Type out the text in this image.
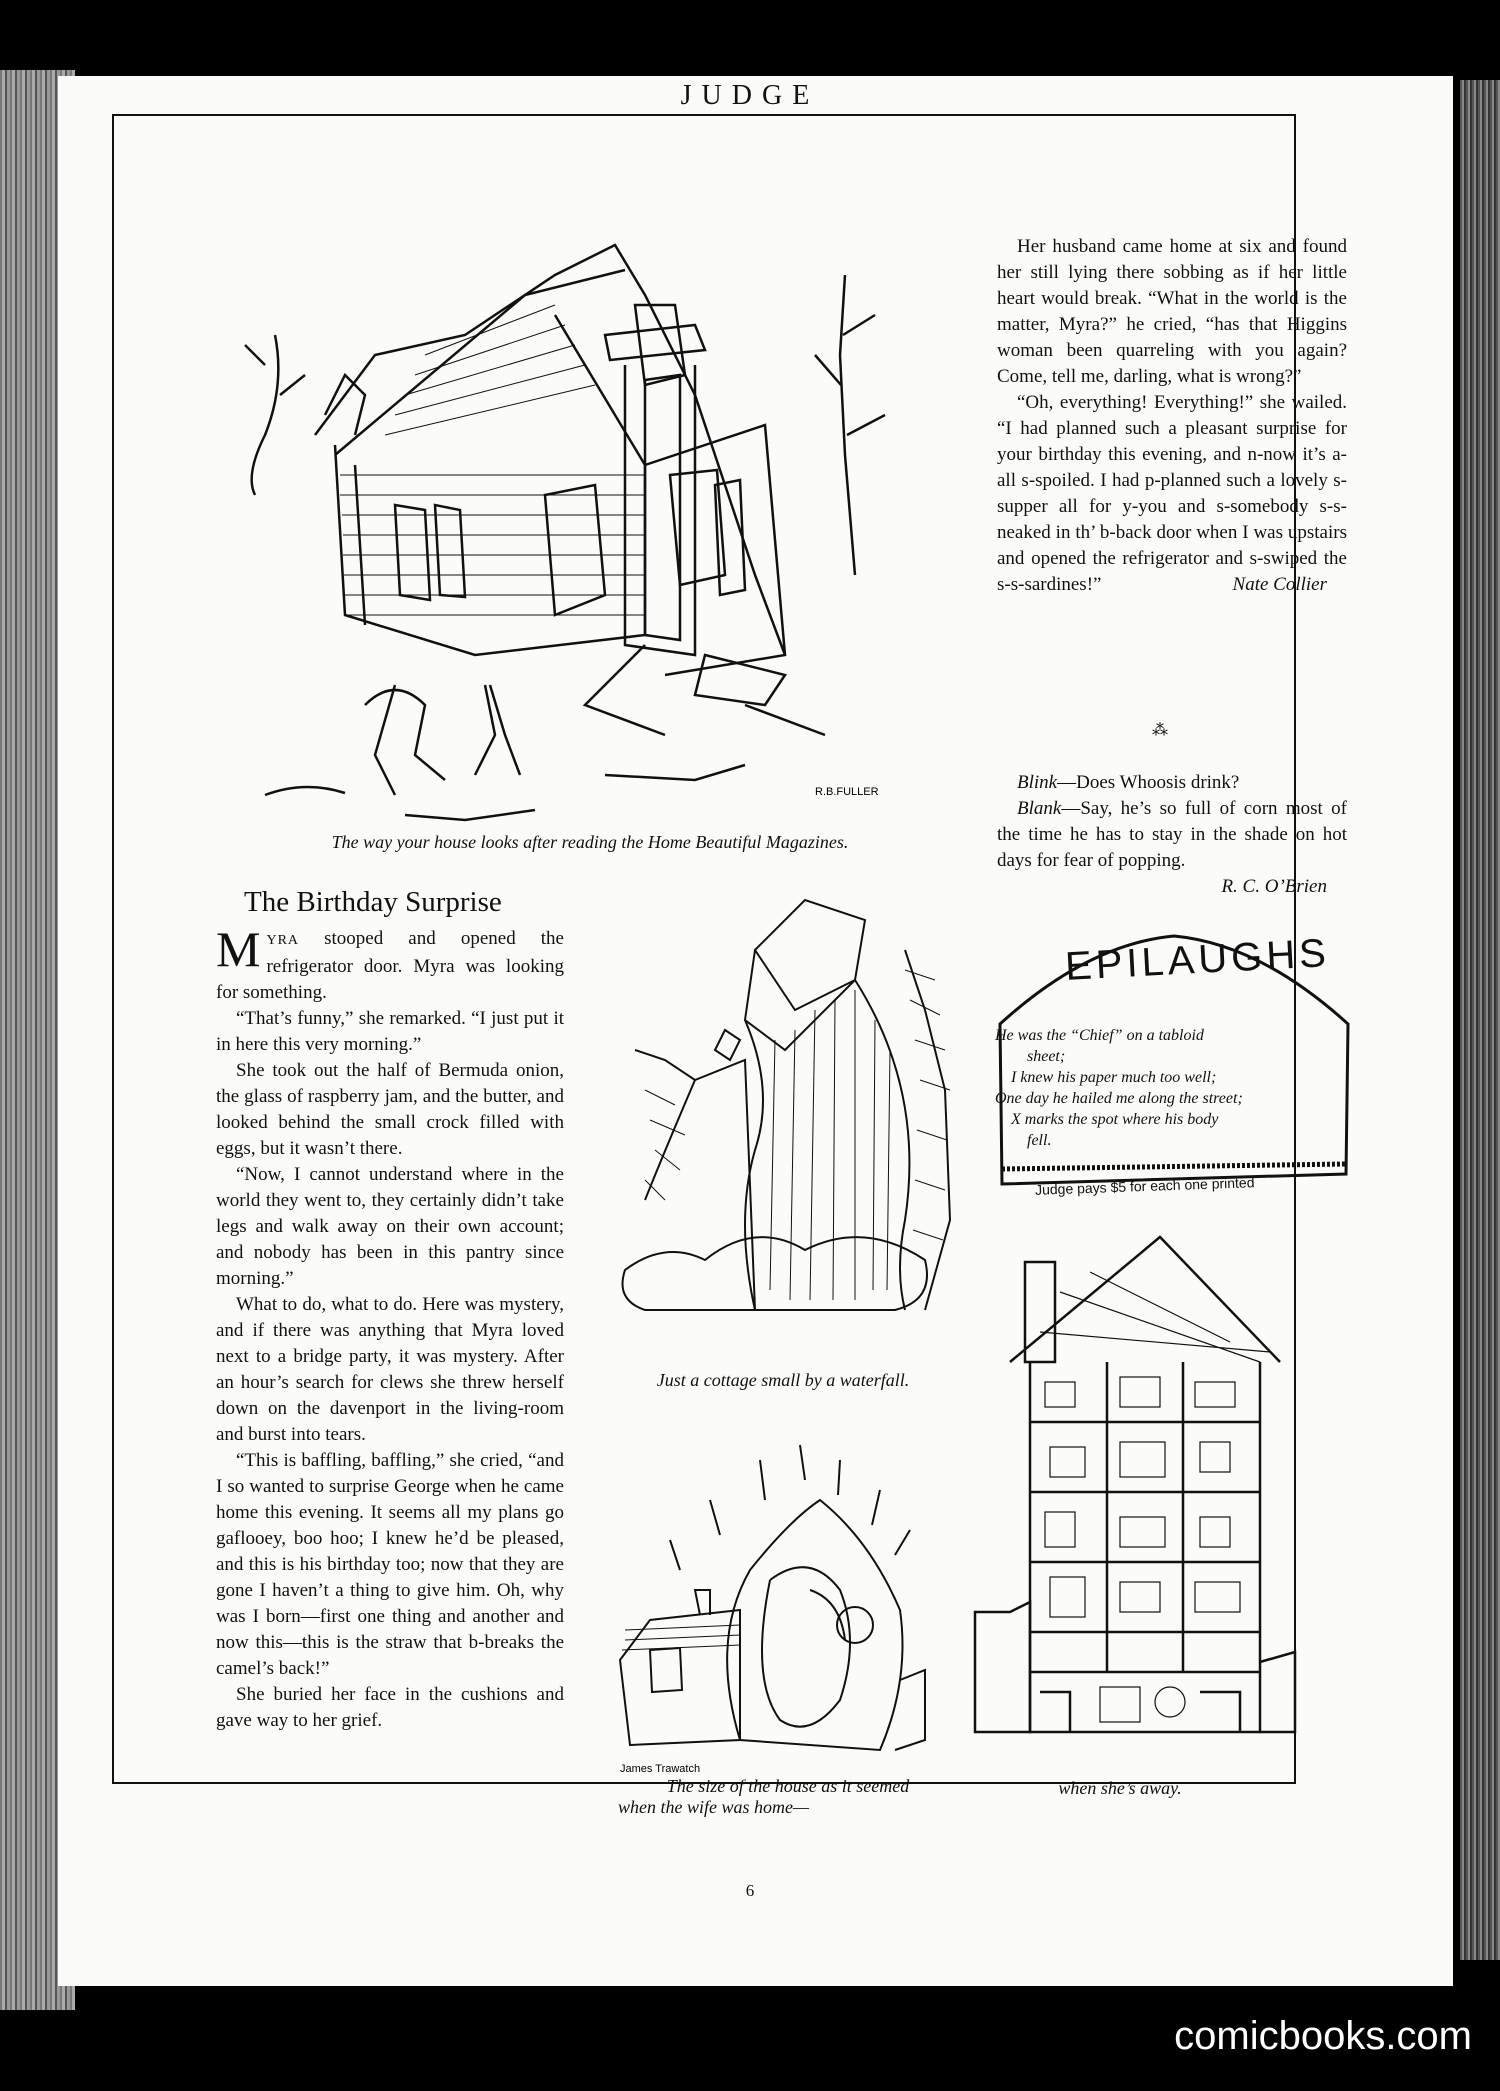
JUDGE
R.B.FULLER
The way your house looks after reading the Home Beautiful Magazines.

Her husband came home at six and found her still lying there sobbing as if her little heart would break. “What in the world is the matter, Myra?” he cried, “has that Higgins woman been quarreling with you again? Come, tell me, darling, what is wrong?”

“Oh, everything! Everything!” she wailed. “I had planned such a pleasant surprise for your birthday this evening, and n-now it’s a-all s-spoiled. I had p-planned such a lovely s-supper all for y-you and s-somebody s-s-neaked in th’ b-back door when I was upstairs and opened the refrigerator and s-swiped the s-s-sardines!”	Nate Collier
⁂

Blink—Does Whoosis drink?

Blank—Say, he’s so full of corn most of the time he has to stay in the shade on hot days for fear of popping.

R. C. O’Brien
The Birthday Surprise

MYRA stooped and opened the refrigerator door. Myra was looking for something.

“That’s funny,” she remarked. “I just put it in here this very morning.”

She took out the half of Bermuda onion, the glass of raspberry jam, and the butter, and looked behind the small crock filled with eggs, but it wasn’t there.

“Now, I cannot understand where in the world they went to, they certainly didn’t take legs and walk away on their own account; and nobody has been in this pantry since morning.”

What to do, what to do. Here was mystery, and if there was anything that Myra loved next to a bridge party, it was mystery. After an hour’s search for clews she threw herself down on the davenport in the living-room and burst into tears.

“This is baffling, baffling,” she cried, “and I so wanted to surprise George when he came home this evening. It seems all my plans go gaflooey, boo hoo; I knew he’d be pleased, and this is his birthday too; now that they are gone I haven’t a thing to give him. Oh, why was I born—first one thing and another and now this—this is the straw that b-breaks the camel’s back!”

She buried her face in the cushions and gave way to her grief.

Just a cottage small by a waterfall.
EPILAUGHS
He was the “Chief” on a tabloid
sheet;
I knew his paper much too well;
One day he hailed me along the street;
X marks the spot where his body
fell.
Judge pays $5 for each one printed
James Trawatch
The size of the house as it seemed
when the wife was home—
when she’s away.
6
comicbooks.com
